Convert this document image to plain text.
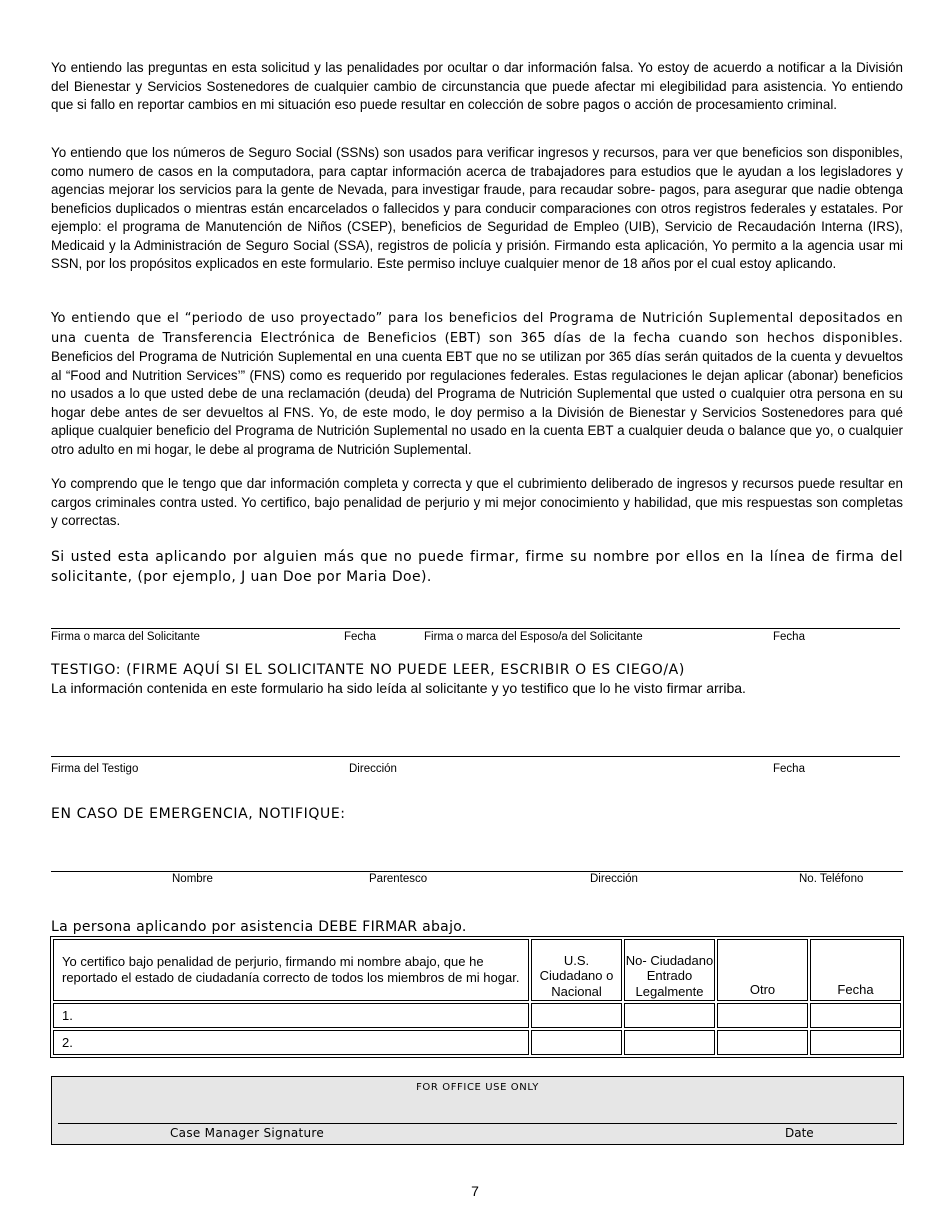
Yo entiendo las preguntas en esta solicitud y las penalidades por ocultar o dar información falsa. Yo estoy de acuerdo a notificar a la División del Bienestar y Servicios Sostenedores de cualquier cambio de circunstancia que puede afectar mi elegibilidad para asistencia. Yo entiendo que si fallo en reportar cambios en mi situación eso puede resultar en colección de sobre pagos o acción de procesamiento criminal.

Yo entiendo que los números de Seguro Social (SSNs) son usados para verificar ingresos y recursos, para ver que beneficios son disponibles, como numero de casos en la computadora, para captar información acerca de trabajadores para estudios que le ayudan a los legisladores y agencias mejorar los servicios para la gente de Nevada, para investigar fraude, para recaudar sobre- pagos, para asegurar que nadie obtenga beneficios duplicados o mientras están encarcelados o fallecidos y para conducir comparaciones con otros registros federales y estatales. Por ejemplo: el programa de Manutención de Niños (CSEP), beneficios de Seguridad de Empleo (UIB), Servicio de Recaudación Interna (IRS), Medicaid y la Administración de Seguro Social (SSA), registros de policía y prisión. Firmando esta aplicación, Yo permito a la agencia usar mi SSN, por los propósitos explicados en este formulario. Este permiso incluye cualquier menor de 18 años por el cual estoy aplicando.

Yo entiendo que el “periodo de uso proyectado” para los beneficios del Programa de Nutrición Suplemental depositados en una cuenta de Transferencia Electrónica de Beneficios (EBT) son 365 días de la fecha cuando son hechos disponibles. Beneficios del Programa de Nutrición Suplemental en una cuenta EBT que no se utilizan por 365 días serán quitados de la cuenta y devueltos al “Food and Nutrition Services’” (FNS) como es requerido por regulaciones federales. Estas regulaciones le dejan aplicar (abonar) beneficios no usados a lo que usted debe de una reclamación (deuda) del Programa de Nutrición Suplemental que usted o cualquier otra persona en su hogar debe antes de ser devueltos al FNS. Yo, de este modo, le doy permiso a la División de Bienestar y Servicios Sostenedores para qué aplique cualquier beneficio del Programa de Nutrición Suplemental no usado en la cuenta EBT a cualquier deuda o balance que yo, o cualquier otro adulto en mi hogar, le debe al programa de Nutrición Suplemental.

Yo comprendo que le tengo que dar información completa y correcta y que el cubrimiento deliberado de ingresos y recursos puede resultar en cargos criminales contra usted. Yo certifico, bajo penalidad de perjurio y mi mejor conocimiento y habilidad, que mis respuestas son completas y correctas.

Si usted esta aplicando por alguien más que no puede firmar, firme su nombre por ellos en la línea de firma del solicitante, (por ejemplo, J uan Doe por Maria Doe).

Firma o marca del Solicitante	Fecha	Firma o marca del Esposo/a del Solicitante	Fecha
TESTIGO: (FIRME AQUÍ SI EL SOLICITANTE NO PUEDE LEER, ESCRIBIR O ES CIEGO/A)
La información contenida en este formulario ha sido leída al solicitante y yo testifico que lo he visto firmar arriba.
Firma del Testigo	Dirección	Fecha
EN CASO DE EMERGENCIA, NOTIFIQUE:
Nombre	Parentesco	Dirección	No. Teléfono
La persona aplicando por asistencia DEBE FIRMAR abajo.
Yo certifico bajo penalidad de perjurio, firmando mi nombre abajo, que he reportado el estado de ciudadanía correcto de todos los miembros de mi hogar.	U.S. Ciudadano o Nacional	No- Ciudadano Entrado Legalmente	Otro	Fecha
1.				
2.				
FOR OFFICE USE ONLY
Case Manager Signature	Date
7
